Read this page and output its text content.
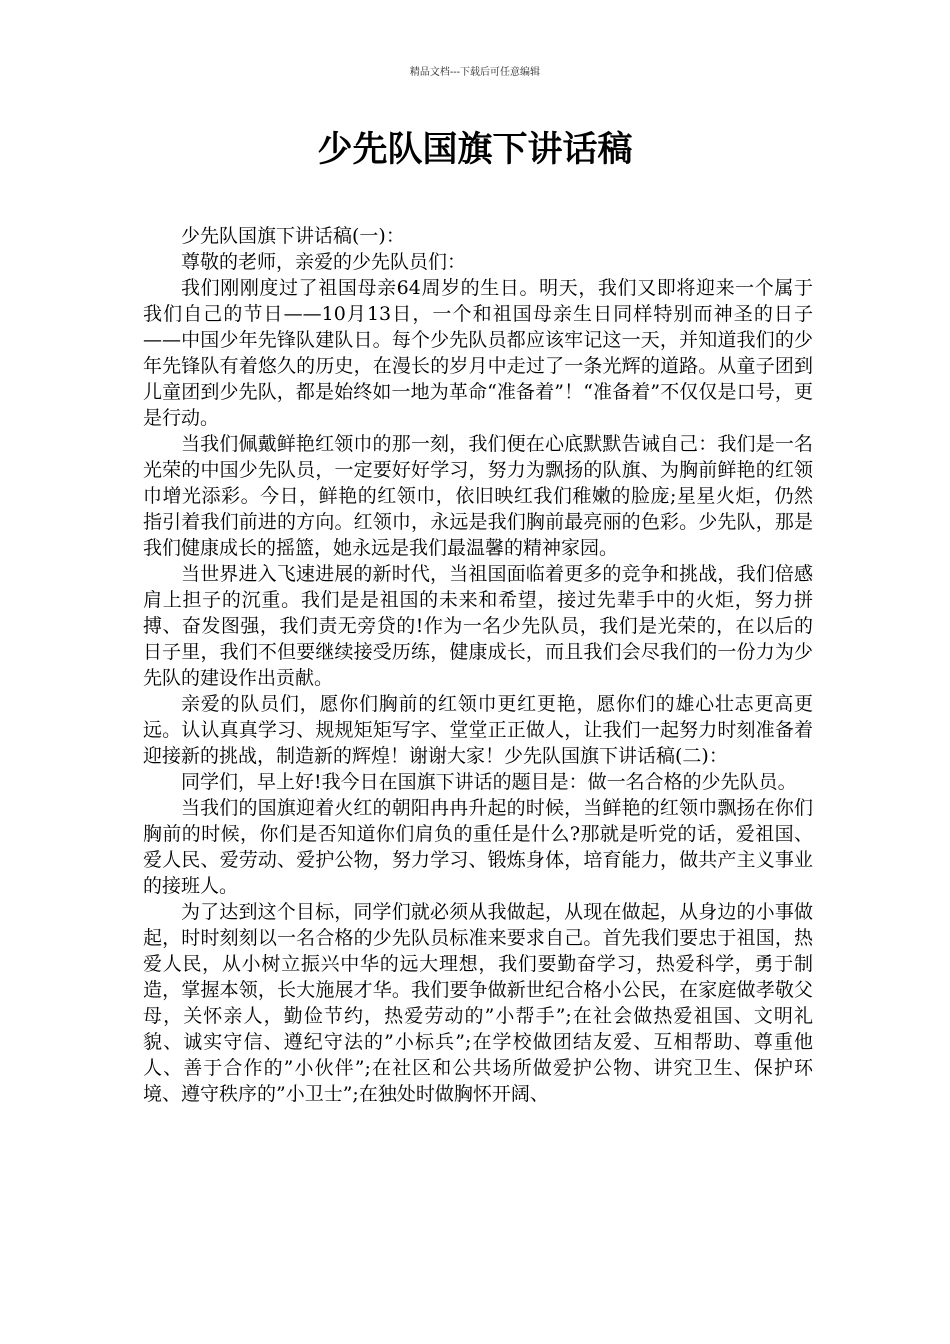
精品文档---下载后可任意编辑
少先队国旗下讲话稿

少先队国旗下讲话稿(一)：

尊敬的老师，亲爱的少先队员们：

我们刚刚度过了祖国母亲64周岁的生日。明天，我们又即将迎来一个属于我们自己的节日——10月13日，一个和祖国母亲生日同样特别而神圣的日子——中国少年先锋队建队日。每个少先队员都应该牢记这一天，并知道我们的少年先锋队有着悠久的历史，在漫长的岁月中走过了一条光辉的道路。从童子团到儿童团到少先队，都是始终如一地为革命“准备着”！“准备着”不仅仅是口号，更是行动。

当我们佩戴鲜艳红领巾的那一刻，我们便在心底默默告诫自己：我们是一名光荣的中国少先队员，一定要好好学习，努力为飘扬的队旗、为胸前鲜艳的红领巾增光添彩。今日，鲜艳的红领巾，依旧映红我们稚嫩的脸庞;星星火炬，仍然指引着我们前进的方向。红领巾，永远是我们胸前最亮丽的色彩。少先队，那是我们健康成长的摇篮，她永远是我们最温馨的精神家园。

当世界进入飞速进展的新时代，当祖国面临着更多的竞争和挑战，我们倍感肩上担子的沉重。我们是是祖国的未来和希望，接过先辈手中的火炬，努力拼搏、奋发图强，我们责无旁贷的!作为一名少先队员，我们是光荣的，在以后的日子里，我们不但要继续接受历练，健康成长，而且我们会尽我们的一份力为少先队的建设作出贡献。

亲爱的队员们，愿你们胸前的红领巾更红更艳，愿你们的雄心壮志更高更远。认认真真学习、规规矩矩写字、堂堂正正做人，让我们一起努力时刻准备着迎接新的挑战，制造新的辉煌！谢谢大家！少先队国旗下讲话稿(二)：

同学们，早上好!我今日在国旗下讲话的题目是：做一名合格的少先队员。

当我们的国旗迎着火红的朝阳冉冉升起的时候，当鲜艳的红领巾飘扬在你们胸前的时候，你们是否知道你们肩负的重任是什么?那就是听党的话，爱祖国、爱人民、爱劳动、爱护公物，努力学习、锻炼身体，培育能力，做共产主义事业的接班人。

为了达到这个目标，同学们就必须从我做起，从现在做起，从身边的小事做起，时时刻刻以一名合格的少先队员标准来要求自己。首先我们要忠于祖国，热爱人民，从小树立振兴中华的远大理想，我们要勤奋学习，热爱科学，勇于制造，掌握本领，长大施展才华。我们要争做新世纪合格小公民，在家庭做孝敬父母，关怀亲人，勤俭节约，热爱劳动的”小帮手”;在社会做热爱祖国、文明礼貌、诚实守信、遵纪守法的”小标兵”;在学校做团结友爱、互相帮助、尊重他人、善于合作的”小伙伴”;在社区和公共场所做爱护公物、讲究卫生、保护环境、遵守秩序的”小卫士”;在独处时做胸怀开阔、
